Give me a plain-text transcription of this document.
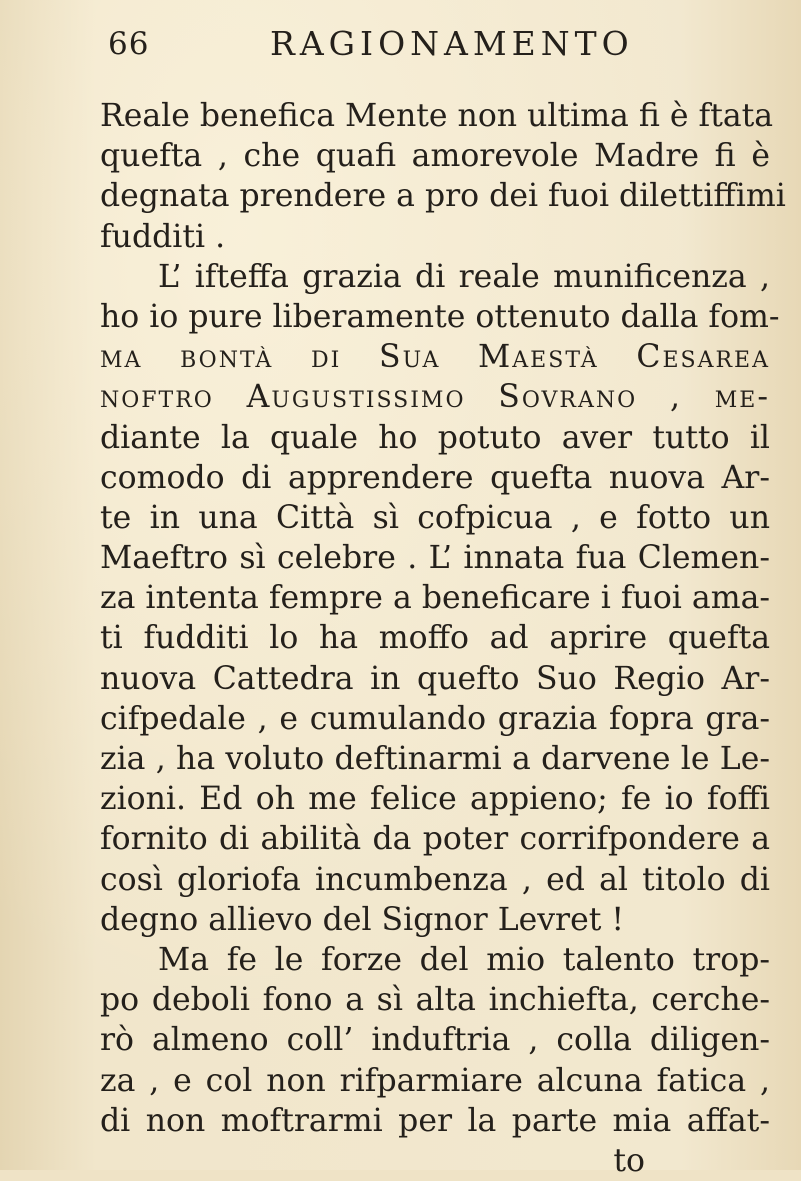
66	RAGIONAMENTO
Reale benefica Mente non ultima fi è ftata
quefta , che quafi amorevole Madre fi è
degnata prendere a pro dei fuoi dilettiffimi
fudditi .
L’ ifteffa grazia di reale munificenza ,
ho io pure liberamente ottenuto dalla fom-
ma bontà di Sua Maestà Cesarea
noftro Augustissimo Sovrano , me-
diante la quale ho potuto aver tutto il
comodo di apprendere quefta nuova Ar-
te in una Città sì cofpicua , e fotto un
Maeftro sì celebre . L’ innata fua Clemen-
za intenta fempre a beneficare i fuoi ama-
ti fudditi lo ha moffo ad aprire quefta
nuova Cattedra in quefto Suo Regio Ar-
cifpedale , e cumulando grazia fopra gra-
zia , ha voluto deftinarmi a darvene le Le-
zioni. Ed oh me felice appieno; fe io foffi
fornito di abilità da poter corrifpondere a
così gloriofa incumbenza , ed al titolo di
degno allievo del Signor Levret !
Ma fe le forze del mio talento trop-
po deboli fono a sì alta inchiefta, cerche-
rò almeno coll’ induftria , colla diligen-
za , e col non rifparmiare alcuna fatica ,
di non moftrarmi per la parte mia affat-
to
